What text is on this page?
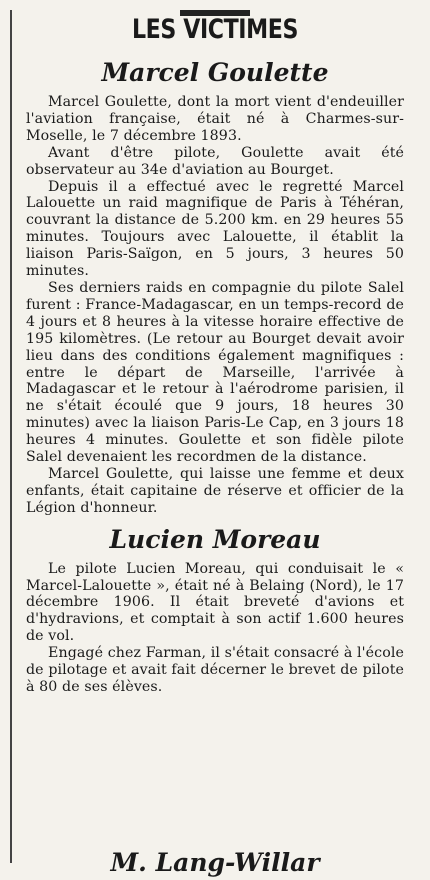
LES VICTIMES
Marcel Goulette

Marcel Goulette, dont la mort vient d'endeuiller l'aviation française, était né à Charmes-sur-Moselle, le 7 décembre 1893.

Avant d'être pilote, Goulette avait été observateur au 34e d'aviation au Bourget.

Depuis il a effectué avec le regretté Marcel Lalouette un raid magnifique de Paris à Téhéran, couvrant la distance de 5.200 km. en 29 heures 55 minutes. Toujours avec Lalouette, il établit la liaison Paris-Saïgon, en 5 jours, 3 heures 50 minutes.

Ses derniers raids en compagnie du pilote Salel furent : France-Madagascar, en un temps-record de 4 jours et 8 heures à la vitesse horaire effective de 195 kilomètres. (Le retour au Bourget devait avoir lieu dans des conditions également magnifiques : entre le départ de Marseille, l'arrivée à Madagascar et le retour à l'aérodrome parisien, il ne s'était écoulé que 9 jours, 18 heures 30 minutes) avec la liaison Paris-Le Cap, en 3 jours 18 heures 4 minutes. Goulette et son fidèle pilote Salel devenaient les recordmen de la distance.

Marcel Goulette, qui laisse une femme et deux enfants, était capitaine de réserve et officier de la Légion d'honneur.

Lucien Moreau

Le pilote Lucien Moreau, qui conduisait le « Marcel-Lalouette », était né à Belaing (Nord), le 17 décembre 1906. Il était breveté d'avions et d'hydravions, et comptait à son actif 1.600 heures de vol.

Engagé chez Farman, il s'était consacré à l'école de pilotage et avait fait décerner le brevet de pilote à 80 de ses élèves.

M. Lang-Willar
